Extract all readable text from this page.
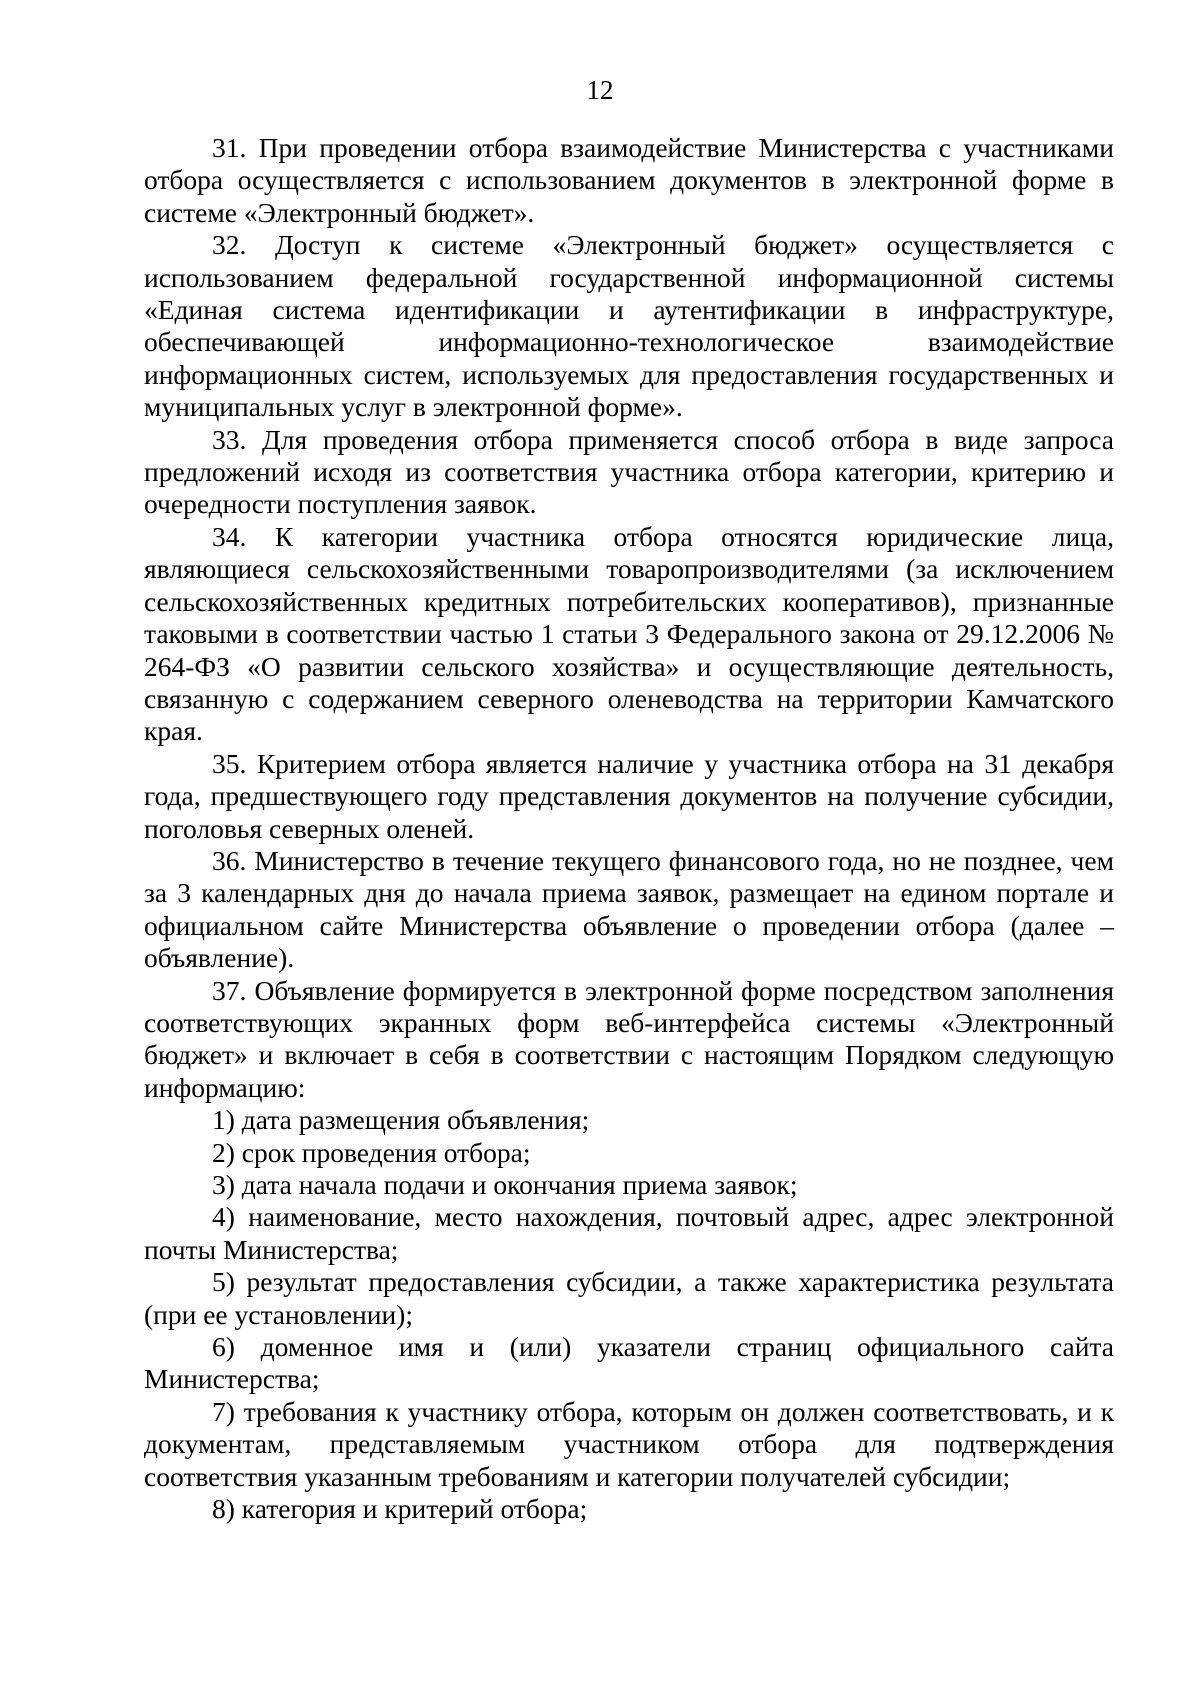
12

31. При проведении отбора взаимодействие Министерства с участниками отбора осуществляется с использованием документов в электронной форме в системе «Электронный бюджет».

32. Доступ к системе «Электронный бюджет» осуществляется с использованием федеральной государственной информационной системы «Единая система идентификации и аутентификации в инфраструктуре, обеспечивающей информационно-технологическое взаимодействие информационных систем, используемых для предоставления государственных и муниципальных услуг в электронной форме».

33. Для проведения отбора применяется способ отбора в виде запроса предложений исходя из соответствия участника отбора категории, критерию и очередности поступления заявок.

34. К категории участника отбора относятся юридические лица, являющиеся сельскохозяйственными товаропроизводителями (за исключением сельскохозяйственных кредитных потребительских кооперативов), признанные таковыми в соответствии частью 1 статьи 3 Федерального закона от 29.12.2006 № 264-ФЗ «О развитии сельского хозяйства» и осуществляющие деятельность, связанную с содержанием северного оленеводства на территории Камчатского края.

35. Критерием отбора является наличие у участника отбора на 31 декабря года, предшествующего году представления документов на получение субсидии, поголовья северных оленей.

36. Министерство в течение текущего финансового года, но не позднее, чем за 3 календарных дня до начала приема заявок, размещает на едином портале и официальном сайте Министерства объявление о проведении отбора (далее – объявление).

37. Объявление формируется в электронной форме посредством заполнения соответствующих экранных форм веб-интерфейса системы «Электронный бюджет» и включает в себя в соответствии с настоящим Порядком следующую информацию:

1) дата размещения объявления;

2) срок проведения отбора;

3) дата начала подачи и окончания приема заявок;

4) наименование, место нахождения, почтовый адрес, адрес электронной почты Министерства;

5) результат предоставления субсидии, а также характеристика результата (при ее установлении);

6) доменное имя и (или) указатели страниц официального сайта Министерства;

7) требования к участнику отбора, которым он должен соответствовать, и к документам, представляемым участником отбора для подтверждения соответствия указанным требованиям и категории получателей субсидии;

8) категория и критерий отбора;
